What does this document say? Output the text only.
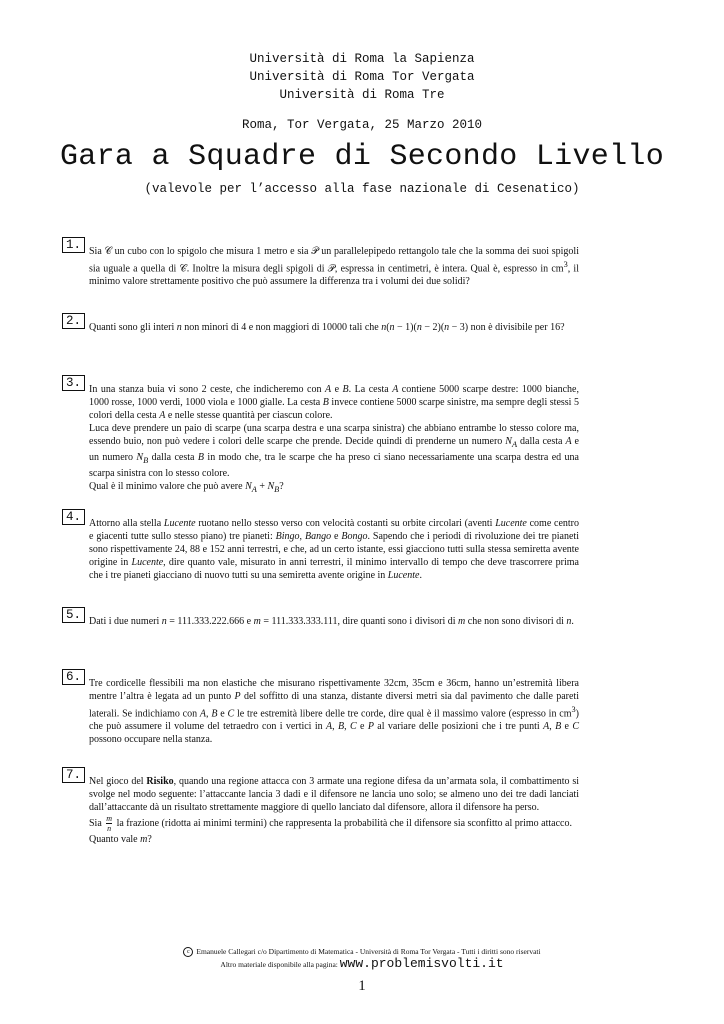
Università di Roma la Sapienza
Università di Roma Tor Vergata
Università di Roma Tre
Roma, Tor Vergata, 25 Marzo 2010
Gara a Squadre di Secondo Livello
(valevole per l’accesso alla fase nazionale di Cesenatico)
1. Sia 𝒞 un cubo con lo spigolo che misura 1 metro e sia 𝒫 un parallelepipedo rettangolo tale che la somma dei suoi spigoli sia uguale a quella di 𝒞. Inoltre la misura degli spigoli di 𝒫, espressa in centimetri, è intera. Qual è, espresso in $cm^3$, il minimo valore strettamente positivo che può assumere la differenza tra i volumi dei due solidi?

2. Quanti sono gli interi n non minori di 4 e non maggiori di 10000 tali che n(n − 1)(n − 2)(n − 3) non è divisibile per 16?

3. In una stanza buia vi sono 2 ceste, che indicheremo con A e B. La cesta A contiene 5000 scarpe destre: 1000 bianche, 1000 rosse, 1000 verdi, 1000 viola e 1000 gialle. La cesta B invece contiene 5000 scarpe sinistre, ma sempre degli stessi 5 colori della cesta A e nelle stesse quantità per ciascun colore.

Luca deve prendere un paio di scarpe (una scarpa destra e una scarpa sinistra) che abbiano entrambe lo stesso colore ma, essendo buio, non può vedere i colori delle scarpe che prende. Decide quindi di prenderne un numero $N_A$ dalla cesta A e un numero $N_B$ dalla cesta B in modo che, tra le scarpe che ha preso ci siano necessariamente una scarpa destra ed una scarpa sinistra con lo stesso colore.

Qual è il minimo valore che può avere $N_A + N_B$?

4. Attorno alla stella Lucente ruotano nello stesso verso con velocità costanti su orbite circolari (aventi Lucente come centro e giacenti tutte sullo stesso piano) tre pianeti: Bingo, Bango e Bongo. Sapendo che i periodi di rivoluzione dei tre pianeti sono rispettivamente 24, 88 e 152 anni terrestri, e che, ad un certo istante, essi giacciono tutti sulla stessa semiretta avente origine in Lucente, dire quanto vale, misurato in anni terrestri, il minimo intervallo di tempo che deve trascorrere prima che i tre pianeti giacciano di nuovo tutti su una semiretta avente origine in Lucente.

5. Dati i due numeri n = 111.333.222.666 e m = 111.333.333.111, dire quanti sono i divisori di m che non sono divisori di n.

6. Tre cordicelle flessibili ma non elastiche che misurano rispettivamente 32cm, 35cm e 36cm, hanno un’estremità libera mentre l’altra è legata ad un punto P del soffitto di una stanza, distante diversi metri sia dal pavimento che dalle pareti laterali. Se indichiamo con A, B e C le tre estremità libere delle tre corde, dire qual è il massimo valore (espresso in $cm^3$) che può assumere il volume del tetraedro con i vertici in A, B, C e P al variare delle posizioni che i tre punti A, B e C possono occupare nella stanza.

7. Nel gioco del Risiko, quando una regione attacca con 3 armate una regione difesa da un’armata sola, il combattimento si svolge nel modo seguente: l’attaccante lancia 3 dadi e il difensore ne lancia uno solo; se almeno uno dei tre dadi lanciati dall’attaccante dà un risultato strettamente maggiore di quello lanciato dal difensore, allora il difensore ha perso.

Sia $\frac{m}{n}$ la frazione (ridotta ai minimi termini) che rappresenta la probabilità che il difensore sia sconfitto al primo attacco.

Quanto vale m?

c Emanuele Callegari c/o Dipartimento di Matematica - Università di Roma Tor Vergata - Tutti i diritti sono riservati
Altro materiale disponibile alla pagina: www.problemisvolti.it
1
